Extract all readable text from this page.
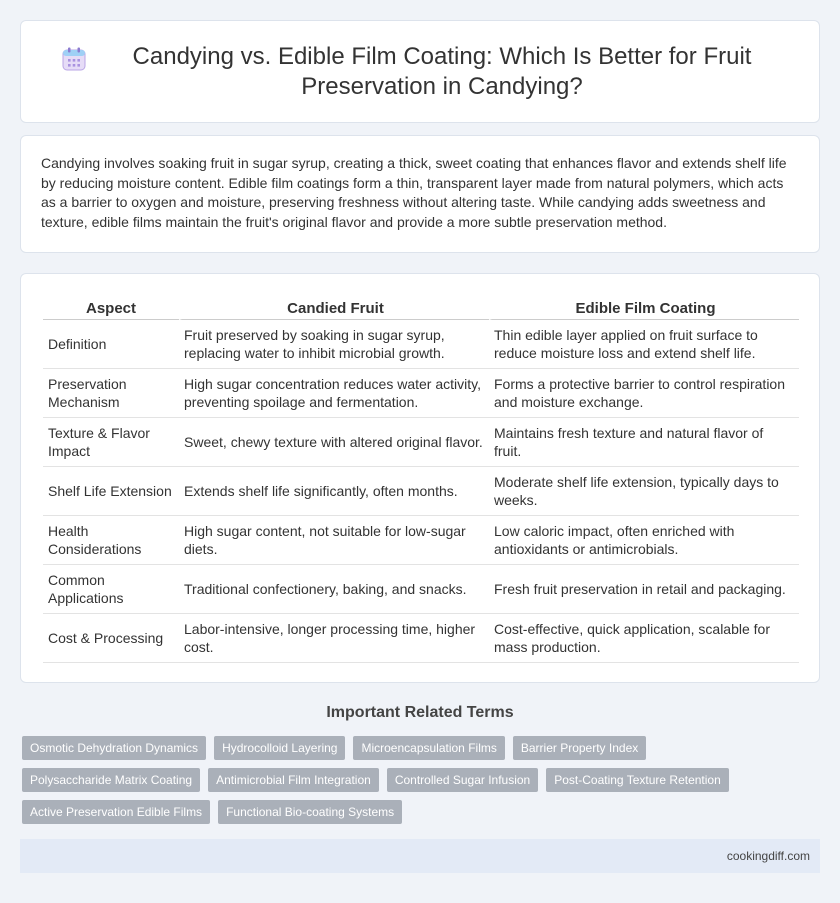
Candying vs. Edible Film Coating: Which Is Better for Fruit Preservation in Candying?

Candying involves soaking fruit in sugar syrup, creating a thick, sweet coating that enhances flavor and extends shelf life by reducing moisture content. Edible film coatings form a thin, transparent layer made from natural polymers, which acts as a barrier to oxygen and moisture, preserving freshness without altering taste. While candying adds sweetness and texture, edible films maintain the fruit's original flavor and provide a more subtle preservation method.

Aspect	Candied Fruit	Edible Film Coating
Definition	Fruit preserved by soaking in sugar syrup, replacing water to inhibit microbial growth.	Thin edible layer applied on fruit surface to reduce moisture loss and extend shelf life.
Preservation Mechanism	High sugar concentration reduces water activity, preventing spoilage and fermentation.	Forms a protective barrier to control respiration and moisture exchange.
Texture & Flavor Impact	Sweet, chewy texture with altered original flavor.	Maintains fresh texture and natural flavor of fruit.
Shelf Life Extension	Extends shelf life significantly, often months.	Moderate shelf life extension, typically days to weeks.
Health Considerations	High sugar content, not suitable for low-sugar diets.	Low caloric impact, often enriched with antioxidants or antimicrobials.
Common Applications	Traditional confectionery, baking, and snacks.	Fresh fruit preservation in retail and packaging.
Cost & Processing	Labor-intensive, longer processing time, higher cost.	Cost-effective, quick application, scalable for mass production.
Important Related Terms
Osmotic Dehydration Dynamics	Hydrocolloid Layering	Microencapsulation Films	Barrier Property Index
Polysaccharide Matrix Coating	Antimicrobial Film Integration	Controlled Sugar Infusion	Post-Coating Texture Retention
Active Preservation Edible Films	Functional Bio-coating Systems
cookingdiff.com
